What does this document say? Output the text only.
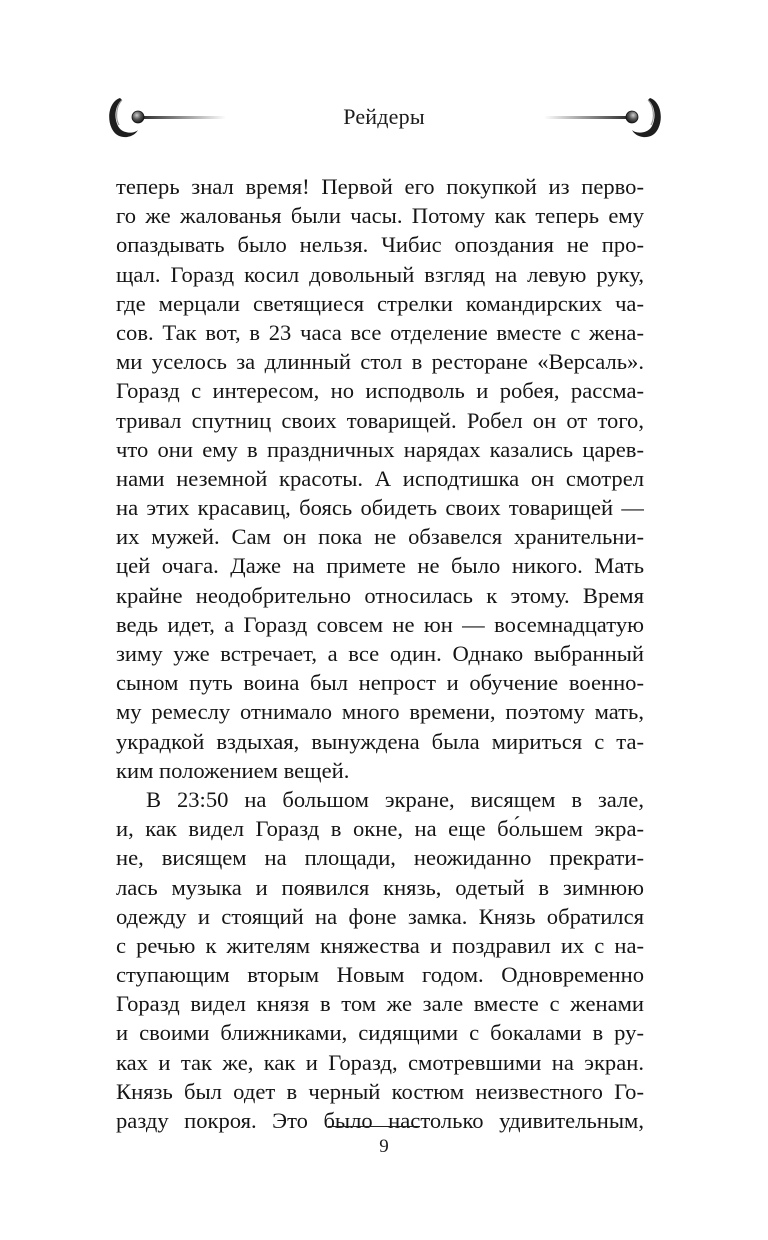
Рейдеры
теперь знал время! Первой его покупкой из перво-
го же жалованья были часы. Потому как теперь ему
опаздывать было нельзя. Чибис опоздания не про-
щал. Горазд косил довольный взгляд на левую руку,
где мерцали светящиеся стрелки командирских ча-
сов. Так вот, в 23 часа все отделение вместе с жена-
ми уселось за длинный стол в ресторане «Версаль».
Горазд с интересом, но исподволь и робея, рассма-
тривал спутниц своих товарищей. Робел он от того,
что они ему в праздничных нарядах казались царев-
нами неземной красоты. А исподтишка он смотрел
на этих красавиц, боясь обидеть своих товарищей —
их мужей. Сам он пока не обзавелся хранительни-
цей очага. Даже на примете не было никого. Мать
крайне неодобрительно относилась к этому. Время
ведь идет, а Горазд совсем не юн — восемнадцатую
зиму уже встречает, а все один. Однако выбранный
сыном путь воина был непрост и обучение военно-
му ремеслу отнимало много времени, поэтому мать,
украдкой вздыхая, вынуждена была мириться с та-
ким положением вещей.
В 23:50 на большом экране, висящем в зале,
и, как видел Горазд в окне, на еще бо́льшем экра-
не, висящем на площади, неожиданно прекрати-
лась музыка и появился князь, одетый в зимнюю
одежду и стоящий на фоне замка. Князь обратился
с речью к жителям княжества и поздравил их с на-
ступающим вторым Новым годом. Одновременно
Горазд видел князя в том же зале вместе с женами
и своими ближниками, сидящими с бокалами в ру-
ках и так же, как и Горазд, смотревшими на экран.
Князь был одет в черный костюм неизвестного Го-
разду покроя. Это было настолько удивительным,
9
